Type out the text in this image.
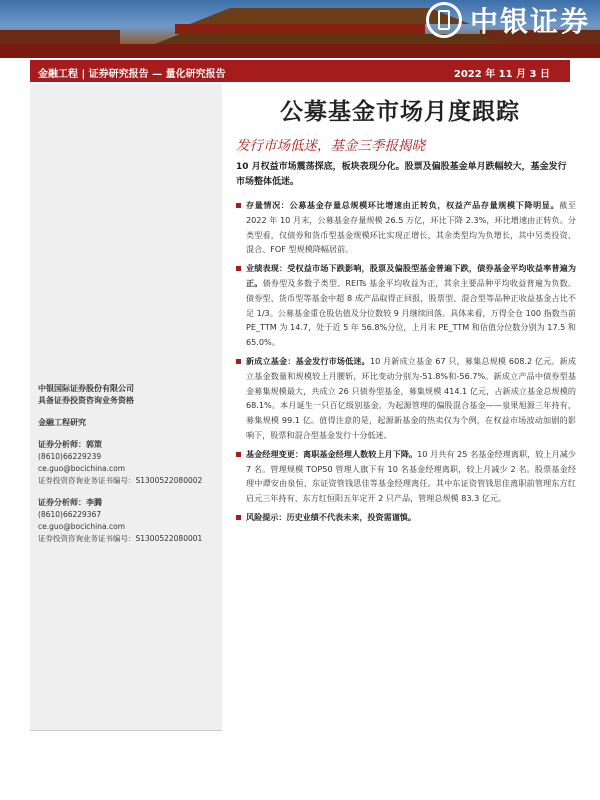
中银证券
金融工程 | 证券研究报告 — 量化研究报告	2022 年 11 月 3 日
中银国际证券股份有限公司
具备证券投资咨询业务资格
金融工程研究
证券分析师：郭策
(8610)66229239
ce.guo@bocichina.com
证券投资咨询业务证书编号：S1300522080002
证券分析师：李腾
(8610)66229367
ce.guo@bocichina.com
证券投资咨询业务证书编号：S1300522080001
公募基金市场月度跟踪
发行市场低迷，基金三季报揭晓
10 月权益市场震荡探底，板块表现分化。股票及偏股基金单月跌幅较大，基金发行市场整体低迷。
存量情况：公募基金存量总规模环比增速由正转负，权益产品存量规模下降明显。截至 2022 年 10 月末，公募基金存量规模 26.5 万亿，环比下降 2.3%，环比增速由正转负。分类型看，仅债券和货币型基金规模环比实现正增长，其余类型均为负增长，其中另类投资、混合、FOF 型规模降幅居前。
业绩表现：受权益市场下跌影响，股票及偏股型基金普遍下跌，债券基金平均收益率普遍为正。债券型及多数子类型、REITs 基金平均收益为正，其余主要品种平均收益普遍为负数。债券型、货币型等基金中超 8 成产品取得正回报，股票型、混合型等品种正收益基金占比不足 1/3。公募基金重仓股估值及分位数较 9 月继续回落。具体来看，万得全仓 100 指数当前 PE_TTM 为 14.7，处于近 5 年 56.8%分位，上月末 PE_TTM 和估值分位数分别为 17.5 和 65.0%。
新成立基金：基金发行市场低迷。10 月新成立基金 67 只，募集总规模 608.2 亿元。新成立基金数量和规模较上月腰斩，环比变动分别为-51.8%和-56.7%。新成立产品中债券型基金募集规模最大，共成立 26 只债券型基金，募集规模 414.1 亿元，占新成立基金总规模的 68.1%。本月诞生一只百亿级别基金，为起源管理的偏股混合基金——泉果旭源三年持有，募集规模 99.1 亿。值得注意的是，起源新基金的热卖仅为个例，在权益市场波动加剧的影响下，股票和混合型基金发行十分低迷。
基金经理变更：离职基金经理人数较上月下降。10 月共有 25 名基金经理离职，较上月减少 7 名。管理规模 TOP50 管理人旗下有 10 名基金经理离职，较上月减少 2 名。股票基金经理中谭安由泉恒、东证资管钱思佳等基金经理离任。其中东证资管钱思佳离职前管理东方红启元三年持有、东方红恒阳五年定开 2 只产品，管理总规模 83.3 亿元。
风险提示：历史业绩不代表未来，投资需谨慎。
